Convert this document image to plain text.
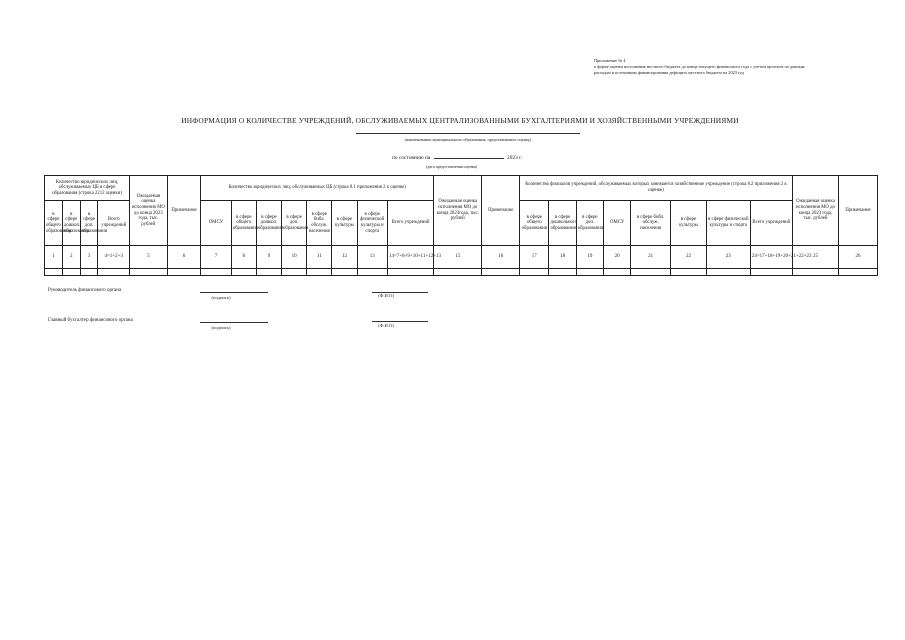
Приложение № 4
к форме оценки исполнения местного бюджета до конца текущего финансового года с учетом прогноза по данным,
расходам и источникам финансирования дефицита местного бюджета на 2023 год
ИНФОРМАЦИЯ О КОЛИЧЕСТВЕ УЧРЕЖДЕНИЙ, ОБСЛУЖИВАЕМЫХ ЦЕНТРАЛИЗОВАННЫМИ БУХГАЛТЕРИЯМИ И ХОЗЯЙСТВЕННЫМИ УЧРЕЖДЕНИЯМИ
(наименование муниципального образования, представившего оценку)
по состоянию на	2023 г.
(дата предоставления оценки)
Количество юридических лиц, обслуживаемых ЦБ в сфере образования (строка 2212 оценки)				Ожидаемая оценка исполнения МО до конца 2023 года, тыс. рублей	Примечание	Количество юридических лиц, обслуживаемых ЦБ (строка 8.1 приложения 2 к оценке)								Ожидаемая оценка исполнения МО до конца 2023года, тыс. рублей	Примечание	Количество филиалов учреждений, обслуживаемых которых занимается хозяйственное учреждение (строка 8.2 приложения 2 к оценке)								Ожидаемая оценка исполнения МО до конца 2023 года, тыс. рублей	Примечание
в сфере общего образования	в сфере дошкол. образования	в сфере доп. образования	Всего учреждений			ОМСУ	в сфере общего образования	в сфере дошкол. образования	в сфере доп. образования	в сфере библ. обслуж. населения	в сфере культуры	в сфере физической культуры и спорта	Всего учреждений			в сфере общего образования	в сфере дошкольного образования	в сфере доп. образования	ОМСУ	в сфере библ. обслуж. населения	в сфере культуры	в сфере физической культуры и спорта	Всего учреждений		
1	2	3	4=1+2+3	5	6	7	8	9	10	11	12	13	14=7+8+9+10+11+12+13	15	16	17	18	19	20	21	22	23	24=17+18+19+20+21+22+23	25	26

Руководитель финансового органа
(подпись)	(Ф.И.О)
Главный бухгалтер финансового органа
(подпись)	(Ф.И.О)
